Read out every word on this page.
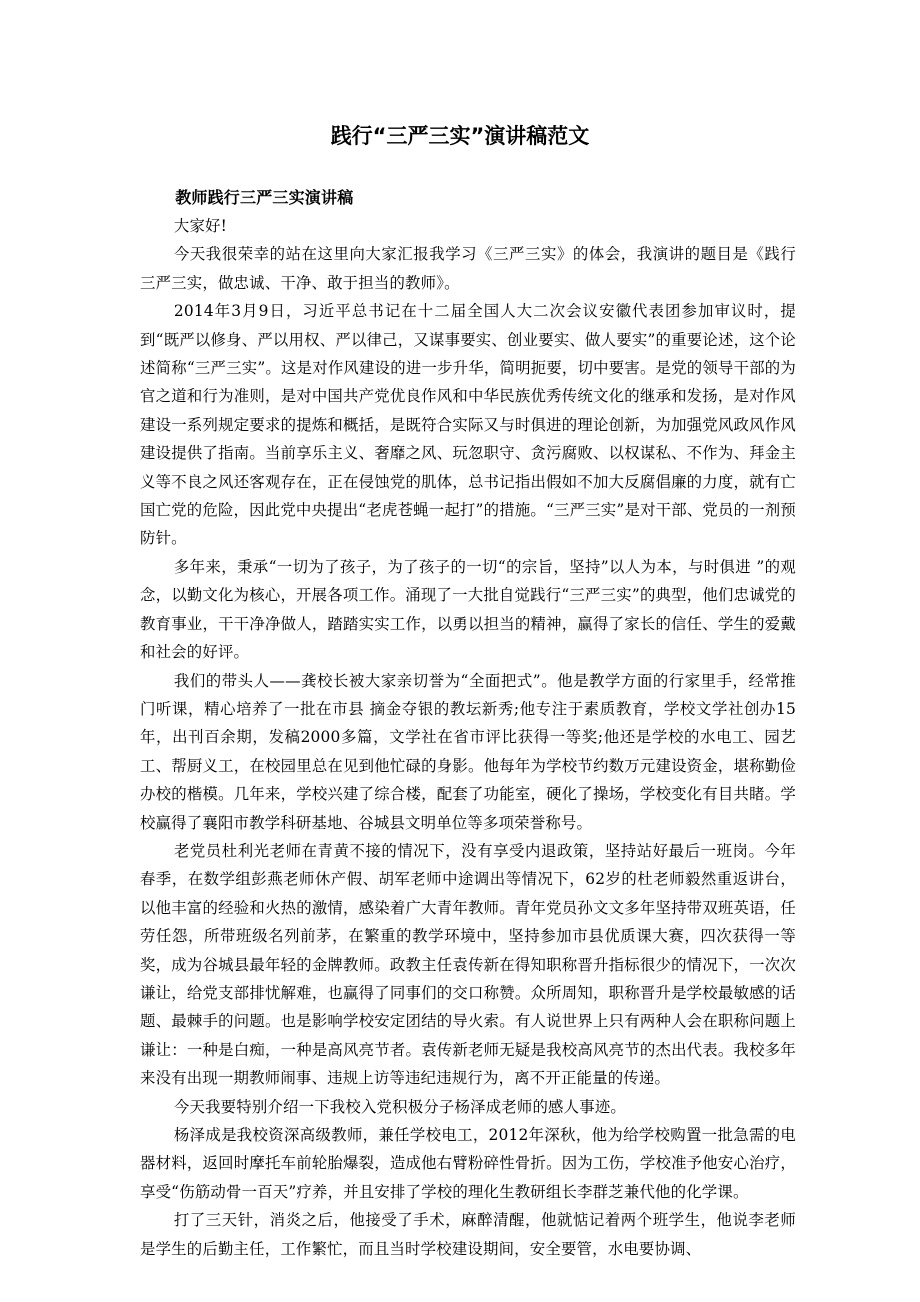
践行“三严三实”演讲稿范文

教师践行三严三实演讲稿

大家好!

今天我很荣幸的站在这里向大家汇报我学习《三严三实》的体会，我演讲的题目是《践行三严三实，做忠诚、干净、敢于担当的教师》。

2014年3月9日，习近平总书记在十二届全国人大二次会议安徽代表团参加审议时，提到“既严以修身、严以用权、严以律己，又谋事要实、创业要实、做人要实”的重要论述，这个论述简称“三严三实”。这是对作风建设的进一步升华，简明扼要，切中要害。是党的领导干部的为官之道和行为准则，是对中国共产党优良作风和中华民族优秀传统文化的继承和发扬，是对作风建设一系列规定要求的提炼和概括，是既符合实际又与时俱进的理论创新，为加强党风政风作风建设提供了指南。当前享乐主义、奢靡之风、玩忽职守、贪污腐败、以权谋私、不作为、拜金主义等不良之风还客观存在，正在侵蚀党的肌体，总书记指出假如不加大反腐倡廉的力度，就有亡国亡党的危险，因此党中央提出“老虎苍蝇一起打”的措施。“三严三实”是对干部、党员的一剂预防针。

多年来，秉承“一切为了孩子，为了孩子的一切“的宗旨，坚持”以人为本，与时俱进 ”的观念，以勤文化为核心，开展各项工作。涌现了一大批自觉践行“三严三实”的典型，他们忠诚党的教育事业，干干净净做人，踏踏实实工作，以勇以担当的精神，赢得了家长的信任、学生的爱戴和社会的好评。

我们的带头人——龚校长被大家亲切誉为“全面把式”。他是教学方面的行家里手，经常推门听课，精心培养了一批在市县 摘金夺银的教坛新秀;他专注于素质教育，学校文学社创办15年，出刊百余期，发稿2000多篇，文学社在省市评比获得一等奖;他还是学校的水电工、园艺工、帮厨义工，在校园里总在见到他忙碌的身影。他每年为学校节约数万元建设资金，堪称勤俭办校的楷模。几年来，学校兴建了综合楼，配套了功能室，硬化了操场，学校变化有目共睹。学校赢得了襄阳市教学科研基地、谷城县文明单位等多项荣誉称号。

老党员杜利光老师在青黄不接的情况下，没有享受内退政策，坚持站好最后一班岗。今年春季，在数学组彭燕老师休产假、胡军老师中途调出等情况下，62岁的杜老师毅然重返讲台，以他丰富的经验和火热的激情，感染着广大青年教师。青年党员孙文文多年坚持带双班英语，任劳任怨，所带班级名列前茅，在繁重的教学环境中，坚持参加市县优质课大赛，四次获得一等奖，成为谷城县最年轻的金牌教师。政教主任袁传新在得知职称晋升指标很少的情况下，一次次谦让，给党支部排忧解难，也赢得了同事们的交口称赞。众所周知，职称晋升是学校最敏感的话题、最棘手的问题。也是影响学校安定团结的导火索。有人说世界上只有两种人会在职称问题上谦让：一种是白痴，一种是高风亮节者。袁传新老师无疑是我校高风亮节的杰出代表。我校多年来没有出现一期教师闹事、违规上访等违纪违规行为，离不开正能量的传递。

今天我要特别介绍一下我校入党积极分子杨泽成老师的感人事迹。

杨泽成是我校资深高级教师，兼任学校电工，2012年深秋，他为给学校购置一批急需的电器材料，返回时摩托车前轮胎爆裂，造成他右臂粉碎性骨折。因为工伤，学校准予他安心治疗，享受“伤筋动骨一百天”疗养，并且安排了学校的理化生教研组长李群芝兼代他的化学课。

打了三天针，消炎之后，他接受了手术，麻醉清醒，他就惦记着两个班学生，他说李老师是学生的后勤主任，工作繁忙，而且当时学校建设期间，安全要管，水电要协调、
